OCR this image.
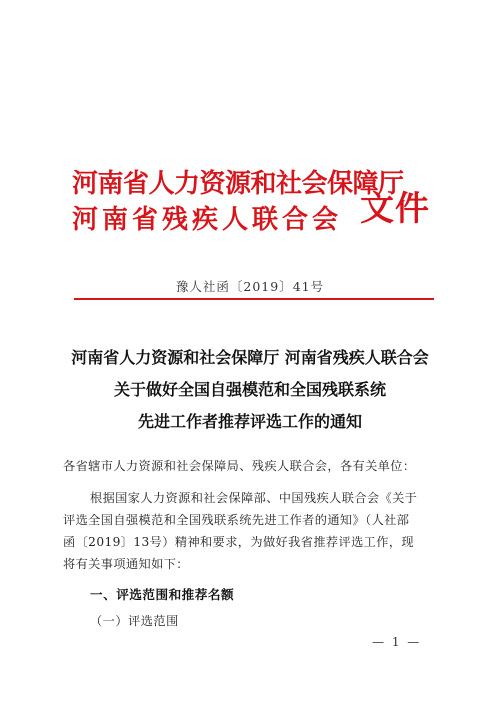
河南省人力资源和社会保障厅
河南省残疾人联合会 文件
豫人社函〔2019〕41号
河南省人力资源和社会保障厅 河南省残疾人联合会
关于做好全国自强模范和全国残联系统
先进工作者推荐评选工作的通知
各省辖市人力资源和社会保障局、残疾人联合会，各有关单位：
根据国家人力资源和社会保障部、中国残疾人联合会《关于
评选全国自强模范和全国残联系统先进工作者的通知》（人社部
函〔2019〕13号）精神和要求，为做好我省推荐评选工作，现
将有关事项通知如下：
一、评选范围和推荐名额
（一）评选范围
— 1 —
